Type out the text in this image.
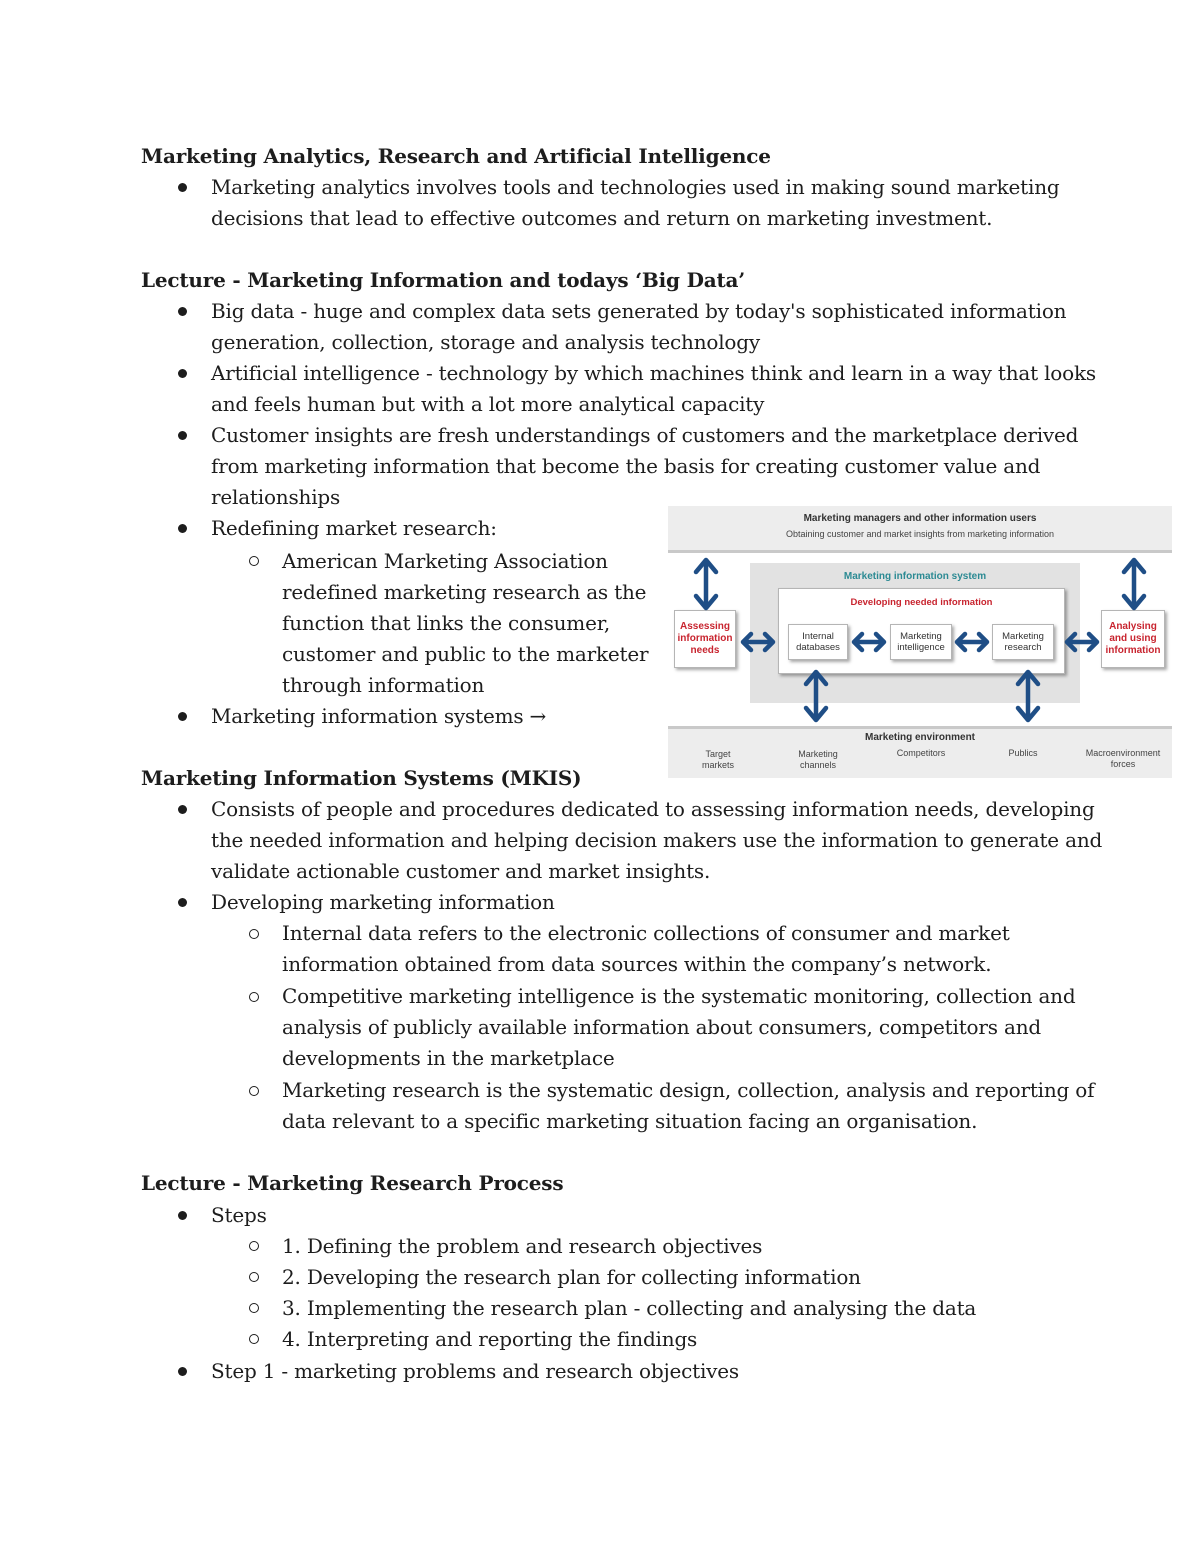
Marketing Analytics, Research and Artificial Intelligence

Marketing analytics involves tools and technologies used in making sound marketing
decisions that lead to effective outcomes and return on marketing investment.

Lecture - Marketing Information and todays ‘Big Data’

Big data - huge and complex data sets generated by today's sophisticated information
generation, collection, storage and analysis technology

Artificial intelligence - technology by which machines think and learn in a way that looks
and feels human but with a lot more analytical capacity

Customer insights are fresh understandings of customers and the marketplace derived
from marketing information that become the basis for creating customer value and
relationships

Redefining market research:

American Marketing Association
redefined marketing research as the
function that links the consumer,
customer and public to the marketer
through information

Marketing information systems →

Marketing managers and other information users
Obtaining customer and market insights from marketing information
Marketing information system
Developing needed information
Assessing
information
needs
Analysing
and using
information
Internal
databases
Marketing
intelligence
Marketing
research
Marketing environment
Target
markets
Marketing
channels
Competitors	Publics	Macroenvironment
forces
Marketing Information Systems (MKIS)

Consists of people and procedures dedicated to assessing information needs, developing
the needed information and helping decision makers use the information to generate and
validate actionable customer and market insights.

Developing marketing information

Internal data refers to the electronic collections of consumer and market
information obtained from data sources within the company’s network.

Competitive marketing intelligence is the systematic monitoring, collection and
analysis of publicly available information about consumers, competitors and
developments in the marketplace

Marketing research is the systematic design, collection, analysis and reporting of
data relevant to a specific marketing situation facing an organisation.

Lecture - Marketing Research Process

Steps

1. Defining the problem and research objectives

2. Developing the research plan for collecting information

3. Implementing the research plan - collecting and analysing the data

4. Interpreting and reporting the findings

Step 1 - marketing problems and research objectives
